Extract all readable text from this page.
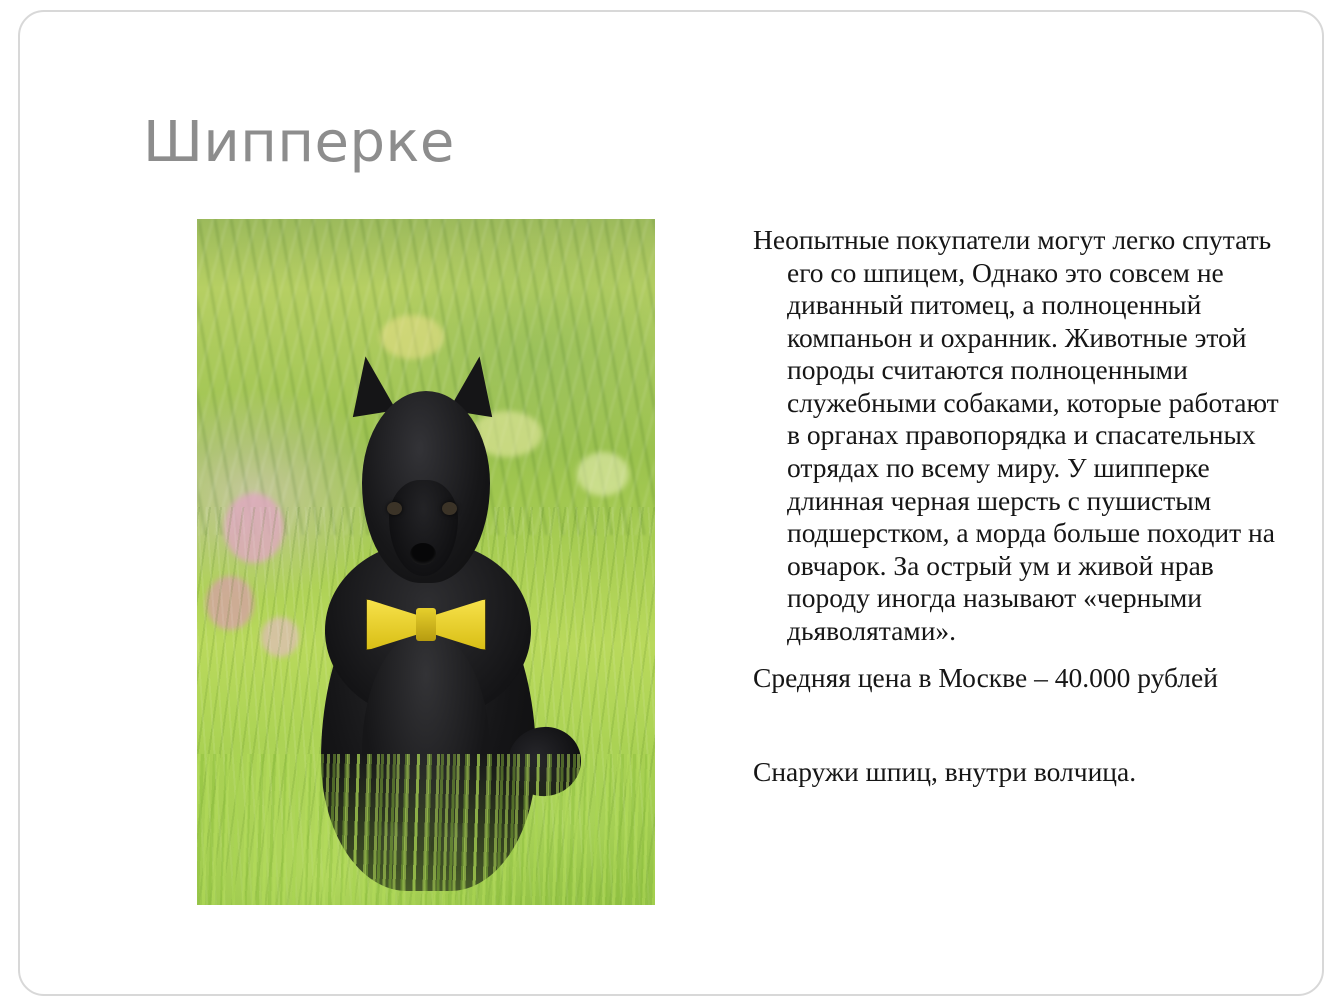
Шипперке

Неопытные покупатели могут легко спутать его со шпицем, Однако это совсем не диванный питомец, а полноценный компаньон и охранник. Животные этой породы считаются полноценными служебными собаками, которые работают в органах правопорядка и спасательных отрядах по всему миру. У шипперке длинная черная шерсть с пушистым подшерстком, а морда больше походит на овчарок. За острый ум и живой нрав породу иногда называют «черными дьяволятами».

Средняя цена в Москве – 40.000 рублей

Снаружи шпиц, внутри волчица.
